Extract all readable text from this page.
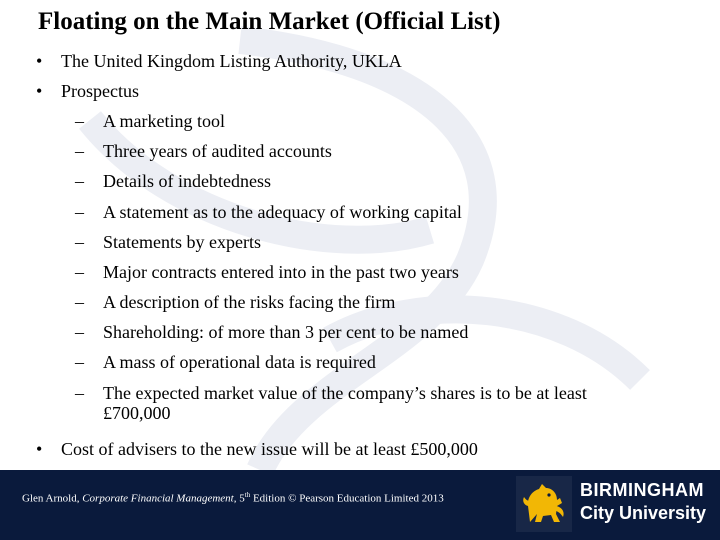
Floating on the Main Market (Official List)
• The United Kingdom Listing Authority, UKLA
• Prospectus
– A marketing tool
– Three years of audited accounts
– Details of indebtedness
– A statement as to the adequacy of working capital
– Statements by experts
– Major contracts entered into in the past two years
– A description of the risks facing the firm
– Shareholding: of more than 3 per cent to be named
– A mass of operational data is required
– The expected market value of the company’s shares is to be at least
£700,000
• Cost of advisers to the new issue will be at least £500,000
Glen Arnold, Corporate Financial Management, 5th Edition © Pearson Education Limited 2013	BIRMINGHAM
City University
